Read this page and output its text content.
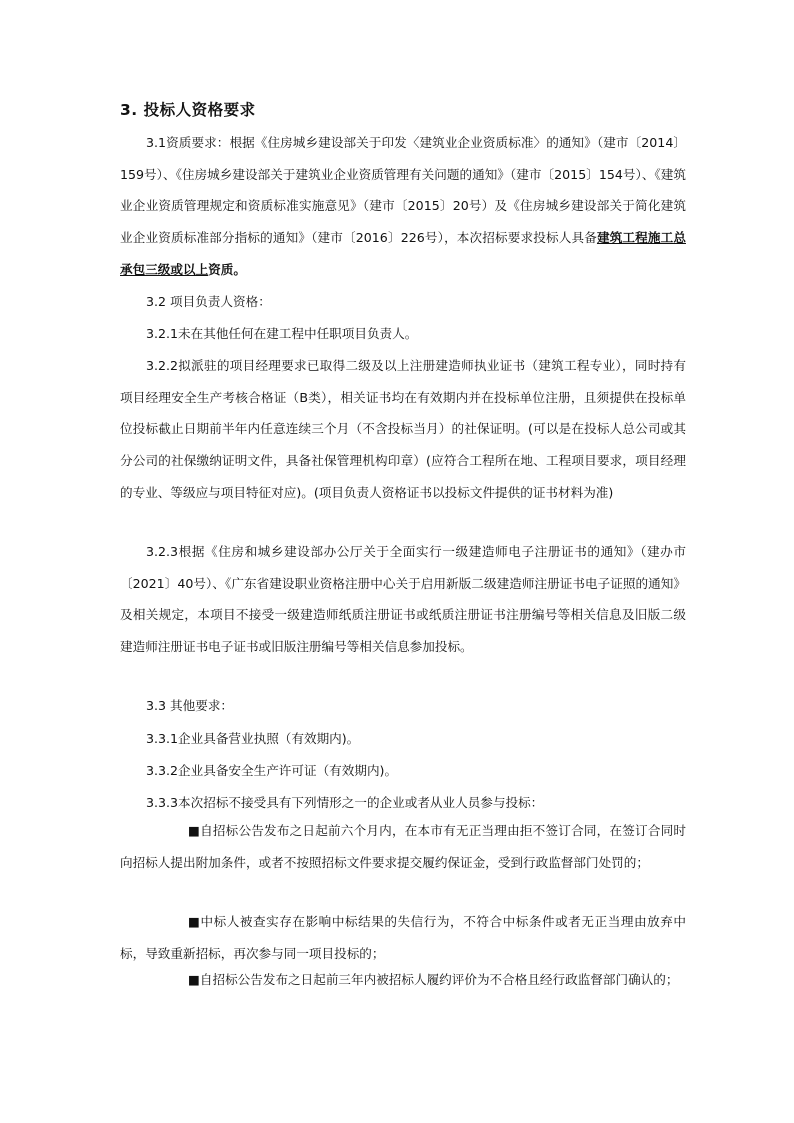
3. 投标人资格要求

3.1资质要求：根据《住房城乡建设部关于印发〈建筑业企业资质标准〉的通知》（建市〔2014〕159号）、《住房城乡建设部关于建筑业企业资质管理有关问题的通知》（建市〔2015〕154号）、《建筑业企业资质管理规定和资质标准实施意见》（建市〔2015〕20号）及《住房城乡建设部关于简化建筑业企业资质标准部分指标的通知》（建市〔2016〕226号），本次招标要求投标人具备建筑工程施工总承包三级或以上资质。

3.2 项目负责人资格：

3.2.1未在其他任何在建工程中任职项目负责人。

3.2.2拟派驻的项目经理要求已取得二级及以上注册建造师执业证书（建筑工程专业），同时持有项目经理安全生产考核合格证（B类），相关证书均在有效期内并在投标单位注册，且须提供在投标单位投标截止日期前半年内任意连续三个月（不含投标当月）的社保证明。(可以是在投标人总公司或其分公司的社保缴纳证明文件，具备社保管理机构印章）(应符合工程所在地、工程项目要求，项目经理的专业、等级应与项目特征对应)。(项目负责人资格证书以投标文件提供的证书材料为准)

3.2.3根据《住房和城乡建设部办公厅关于全面实行一级建造师电子注册证书的通知》（建办市〔2021〕40号）、《广东省建设职业资格注册中心关于启用新版二级建造师注册证书电子证照的通知》及相关规定，本项目不接受一级建造师纸质注册证书或纸质注册证书注册编号等相关信息及旧版二级建造师注册证书电子证书或旧版注册编号等相关信息参加投标。

3.3 其他要求：

3.3.1企业具备营业执照（有效期内)。

3.3.2企业具备安全生产许可证（有效期内)。

3.3.3本次招标不接受具有下列情形之一的企业或者从业人员参与投标：

■自招标公告发布之日起前六个月内，在本市有无正当理由拒不签订合同，在签订合同时向招标人提出附加条件，或者不按照招标文件要求提交履约保证金，受到行政监督部门处罚的；

■中标人被查实存在影响中标结果的失信行为，不符合中标条件或者无正当理由放弃中标，导致重新招标，再次参与同一项目投标的；

■自招标公告发布之日起前三年内被招标人履约评价为不合格且经行政监督部门确认的；
